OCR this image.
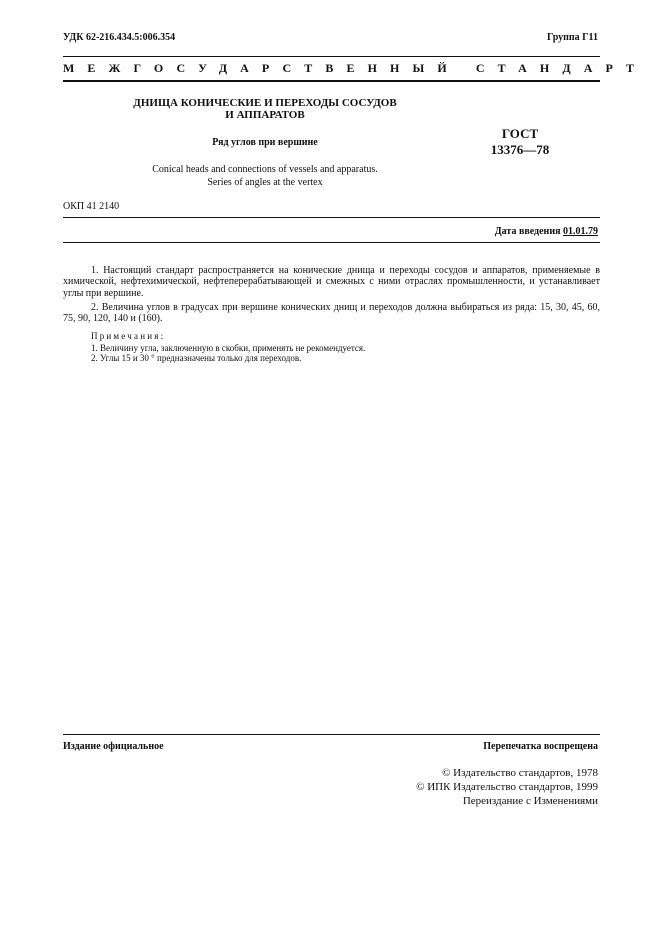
УДК 62-216.434.5:006.354	Группа Г11
МЕЖГОСУДАРСТВЕННЫЙ СТАНДАРТ
ДНИЩА КОНИЧЕСКИЕ И ПЕРЕХОДЫ СОСУДОВ
И АППАРАТОВ
Ряд углов при вершине
ГОСТ
13376—78
Conical heads and connections of vessels and apparatus.
Series of angles at the vertex
ОКП 41 2140
Дата введения 01.01.79
1. Настоящий стандарт распространяется на конические днища и переходы сосудов и аппаратов, применяемые в химической, нефтехимической, нефтеперерабатывающей и смежных с ними отраслях промышленности, и устанавливает углы при вершине.
2. Величина углов в градусах при вершине конических днищ и переходов должна выбираться из ряда: 15, 30, 45, 60, 75, 90, 120, 140 и (160).
Примечания:
1. Величину угла, заключенную в скобки, применять не рекомендуется.
2. Углы 15 и 30 ° предназначены только для переходов.
Издание официальное	Перепечатка воспрещена
© Издательство стандартов, 1978
© ИПК Издательство стандартов, 1999
Переиздание с Изменениями
